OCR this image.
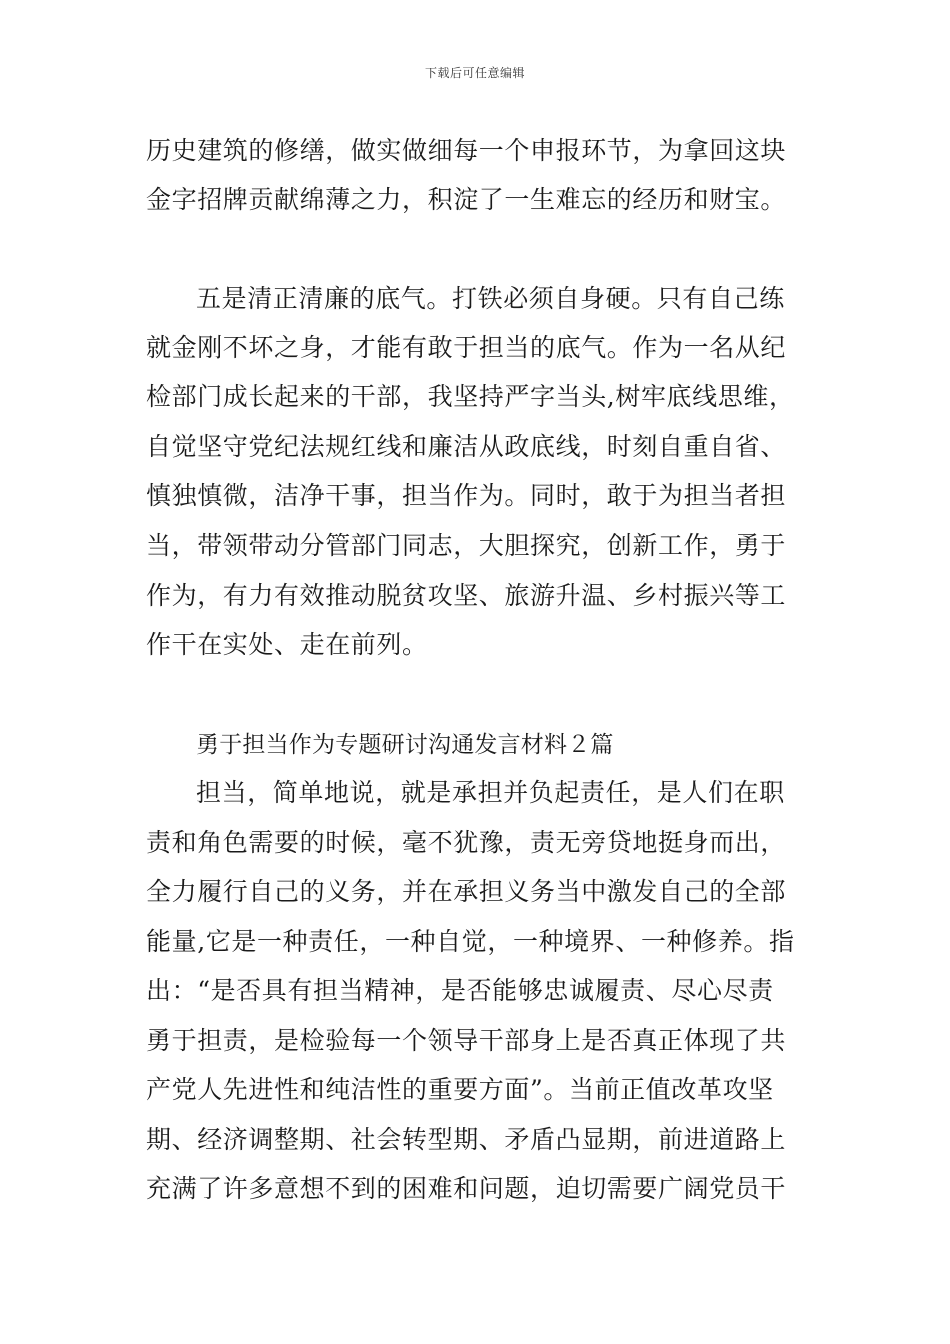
下载后可任意编辑
历史建筑的修缮，做实做细每一个申报环节，为拿回这块
金字招牌贡献绵薄之力，积淀了一生难忘的经历和财宝。
五是清正清廉的底气。打铁必须自身硬。只有自己练
就金刚不坏之身，才能有敢于担当的底气。作为一名从纪
检部门成长起来的干部，我坚持严字当头,树牢底线思维，
自觉坚守党纪法规红线和廉洁从政底线，时刻自重自省、
慎独慎微，洁净干事，担当作为。同时，敢于为担当者担
当，带领带动分管部门同志，大胆探究，创新工作，勇于
作为，有力有效推动脱贫攻坚、旅游升温、乡村振兴等工
作干在实处、走在前列。
勇于担当作为专题研讨沟通发言材料２篇
担当，简单地说，就是承担并负起责任，是人们在职
责和角色需要的时候，毫不犹豫，责无旁贷地挺身而出，
全力履行自己的义务，并在承担义务当中激发自己的全部
能量,它是一种责任，一种自觉，一种境界、一种修养。指
出：“是否具有担当精神，是否能够忠诚履责、尽心尽责
勇于担责，是检验每一个领导干部身上是否真正体现了共
产党人先进性和纯洁性的重要方面”。当前正值改革攻坚
期、经济调整期、社会转型期、矛盾凸显期，前进道路上
充满了许多意想不到的困难和问题，迫切需要广阔党员干
